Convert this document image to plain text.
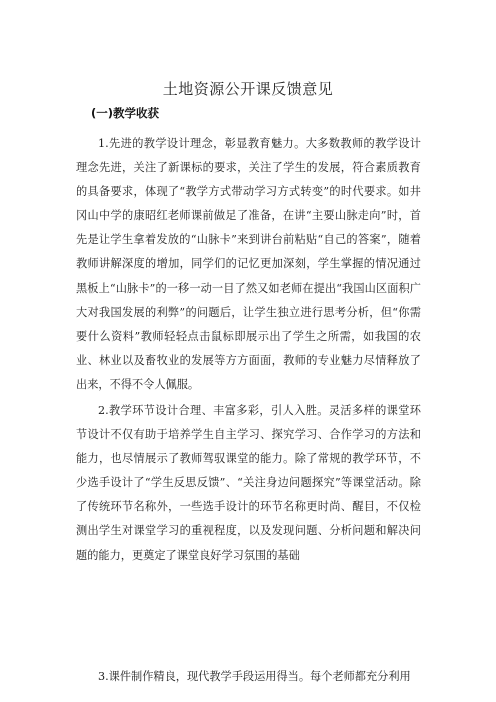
土地资源公开课反馈意见
(一)教学收获

1.先进的教学设计理念，彰显教育魅力。大多数教师的教学设计理念先进，关注了新课标的要求，关注了学生的发展，符合素质教育的具备要求，体现了“教学方式带动学习方式转变”的时代要求。如井冈山中学的康昭红老师课前做足了准备，在讲“主要山脉走向”时，首先是让学生拿着发放的“山脉卡”来到讲台前粘贴“自己的答案”，随着教师讲解深度的增加，同学们的记忆更加深刻，学生掌握的情况通过黑板上“山脉卡”的一移一动一目了然又如老师在提出“我国山区面积广大对我国发展的利弊”的问题后，让学生独立进行思考分析，但“你需要什么资料”教师轻轻点击鼠标即展示出了学生之所需，如我国的农业、林业以及畜牧业的发展等方方面面，教师的专业魅力尽情释放了出来，不得不令人佩服。

2.教学环节设计合理、丰富多彩，引人入胜。灵活多样的课堂环节设计不仅有助于培养学生自主学习、探究学习、合作学习的方法和能力，也尽情展示了教师驾驭课堂的能力。除了常规的教学环节，不少选手设计了“学生反思反馈”、“关注身边问题探究”等课堂活动。除了传统环节名称外，一些选手设计的环节名称更时尚、醒目，不仅检测出学生对课堂学习的重视程度，以及发现问题、分析问题和解决问题的能力，更奠定了课堂良好学习氛围的基础

3.课件制作精良，现代教学手段运用得当。每个老师都充分利用
